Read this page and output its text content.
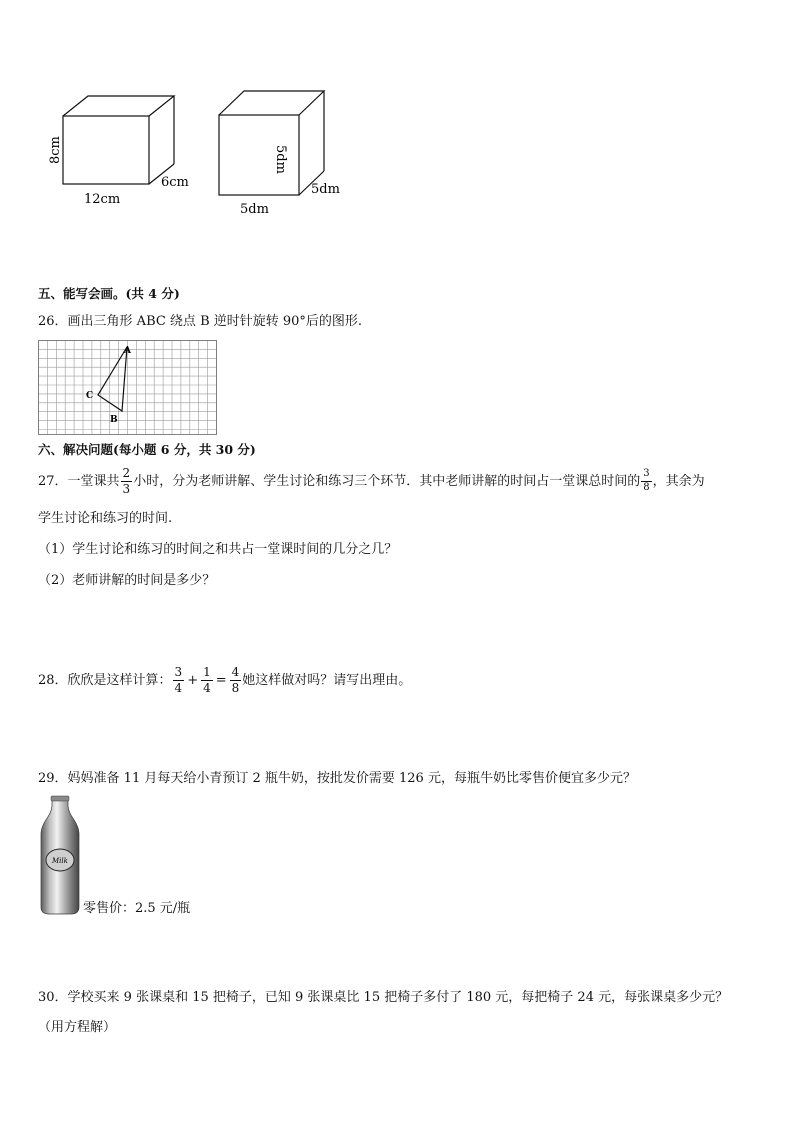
8cm
12cm
6cm
5dm
5dm
5dm
五、能写会画。(共 4 分)
26．画出三角形 ABC 绕点 B 逆时针旋转 90°后的图形.
A
B
C
六、解决问题(每小题 6 分，共 30 分)
27．一堂课共 $\frac{2}{3}$ 小时，分为老师讲解、学生讨论和练习三个环节．其中老师讲解的时间占一堂课总时间的 $\frac{3}{8}$ ，其余为
学生讨论和练习的时间.
（1）学生讨论和练习的时间之和共占一堂课时间的几分之几？
（2）老师讲解的时间是多少？
28．欣欣是这样计算： $\frac{3}{4} + \frac{1}{4} = \frac{4}{8}$ 她这样做对吗？请写出理由。
29．妈妈准备 11 月每天给小青预订 2 瓶牛奶，按批发价需要 126 元，每瓶牛奶比零售价便宜多少元？
Milk
零售价：2.5 元/瓶
30．学校买来 9 张课桌和 15 把椅子，已知 9 张课桌比 15 把椅子多付了 180 元，每把椅子 24 元，每张课桌多少元？
（用方程解）
